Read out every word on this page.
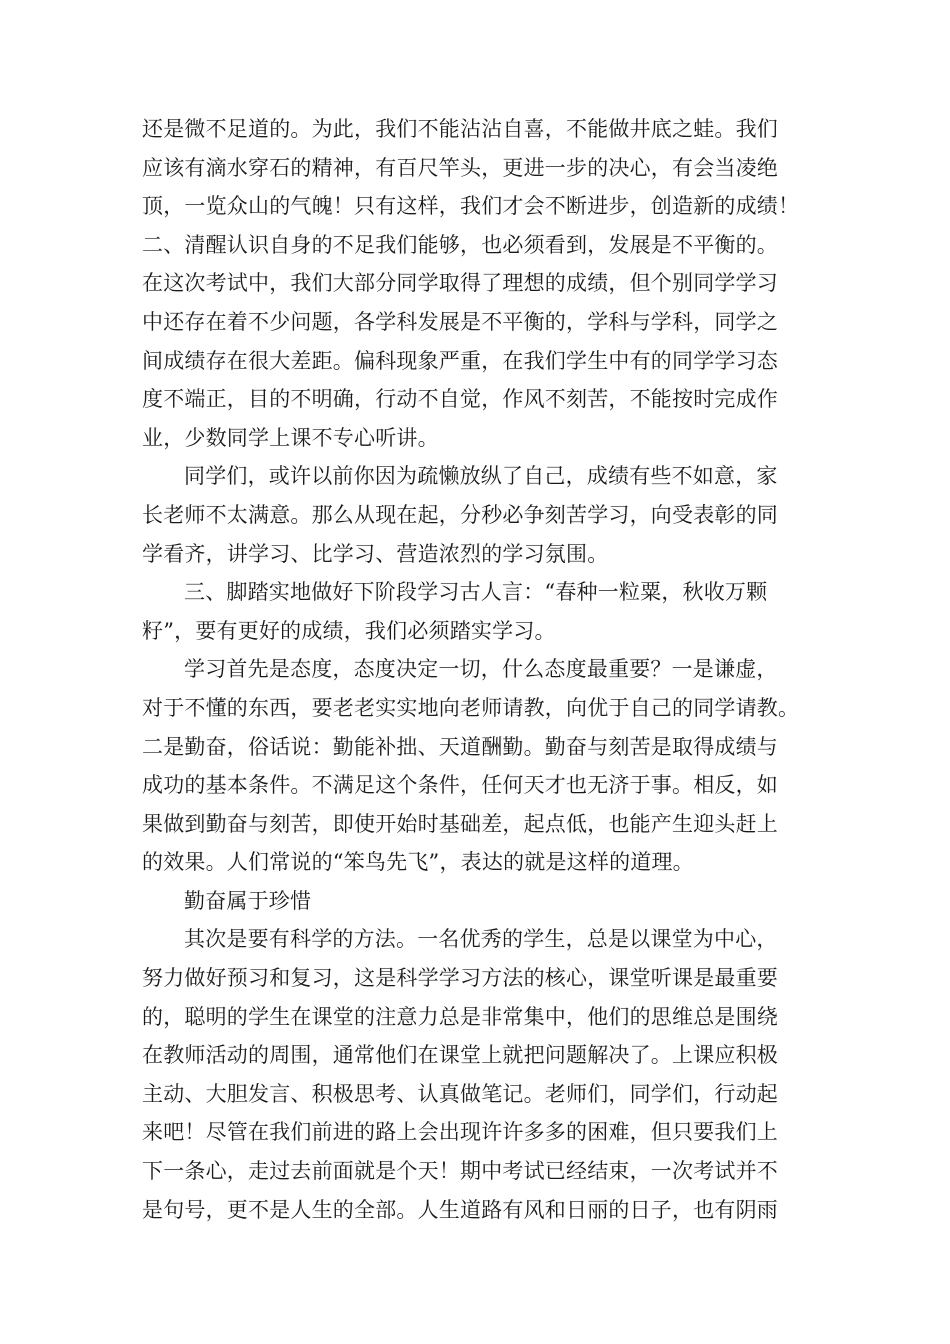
还是微不足道的。为此，我们不能沾沾自喜，不能做井底之蛙。我们
应该有滴水穿石的精神，有百尺竿头，更进一步的决心，有会当凌绝
顶，一览众山的气魄！只有这样，我们才会不断进步，创造新的成绩！
二、清醒认识自身的不足我们能够，也必须看到，发展是不平衡的。
在这次考试中，我们大部分同学取得了理想的成绩，但个别同学学习
中还存在着不少问题，各学科发展是不平衡的，学科与学科，同学之
间成绩存在很大差距。偏科现象严重，在我们学生中有的同学学习态
度不端正，目的不明确，行动不自觉，作风不刻苦，不能按时完成作
业，少数同学上课不专心听讲。
同学们，或许以前你因为疏懒放纵了自己，成绩有些不如意，家
长老师不太满意。那么从现在起，分秒必争刻苦学习，向受表彰的同
学看齐，讲学习、比学习、营造浓烈的学习氛围。
三、脚踏实地做好下阶段学习古人言：“春种一粒粟，秋收万颗
籽”，要有更好的成绩，我们必须踏实学习。
学习首先是态度，态度决定一切，什么态度最重要？一是谦虚，
对于不懂的东西，要老老实实地向老师请教，向优于自己的同学请教。
二是勤奋，俗话说：勤能补拙、天道酬勤。勤奋与刻苦是取得成绩与
成功的基本条件。不满足这个条件，任何天才也无济于事。相反，如
果做到勤奋与刻苦，即使开始时基础差，起点低，也能产生迎头赶上
的效果。人们常说的“笨鸟先飞”，表达的就是这样的道理。
勤奋属于珍惜
其次是要有科学的方法。一名优秀的学生，总是以课堂为中心，
努力做好预习和复习，这是科学学习方法的核心，课堂听课是最重要
的，聪明的学生在课堂的注意力总是非常集中，他们的思维总是围绕
在教师活动的周围，通常他们在课堂上就把问题解决了。上课应积极
主动、大胆发言、积极思考、认真做笔记。老师们，同学们，行动起
来吧！尽管在我们前进的路上会出现许许多多的困难，但只要我们上
下一条心，走过去前面就是个天！期中考试已经结束，一次考试并不
是句号，更不是人生的全部。人生道路有风和日丽的日子，也有阴雨
